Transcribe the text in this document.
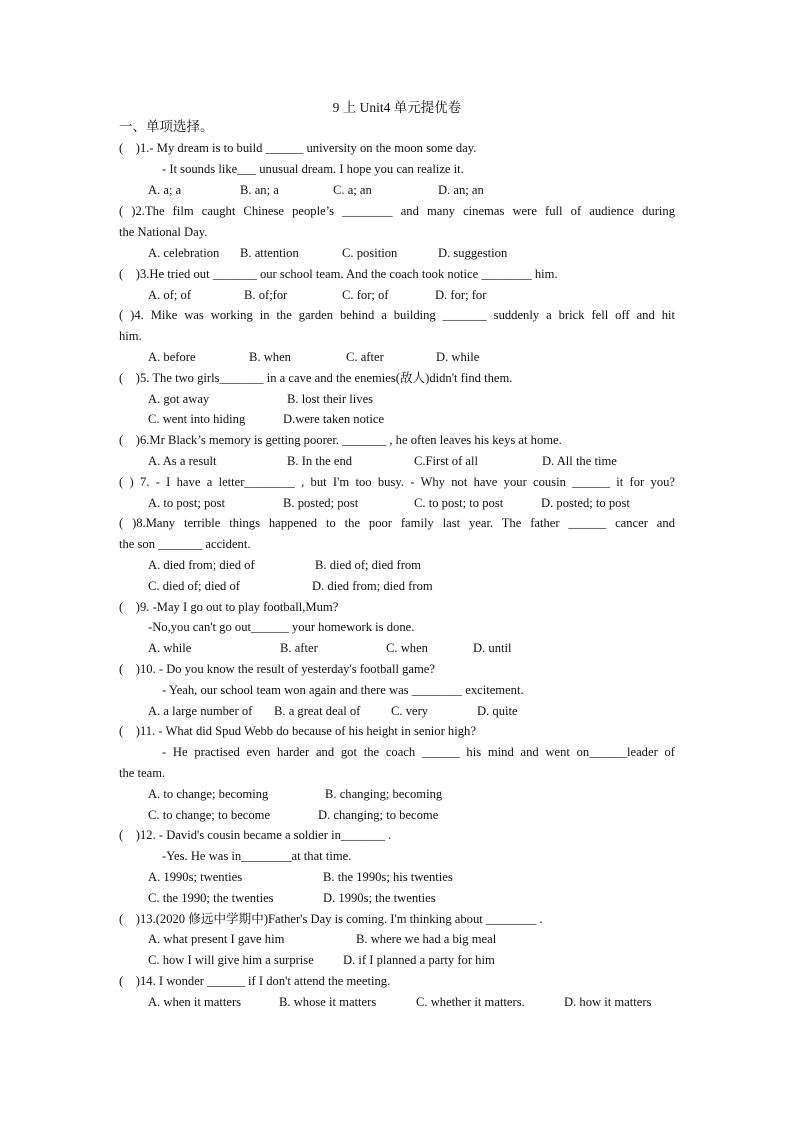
9 上 Unit4 单元提优卷
一、单项选择。
(    )1.- My dream is to build ______ university on the moon some day.
- It sounds like___ unusual dream. I hope you can realize it.
A. a; a	B. an; a	C. a; an	D. an; an
( )2.The film caught Chinese people’s ________ and many cinemas were full of audience during
the National Day.
A. celebration B. attention	C. position	D. suggestion
(    )3.He tried out _______ our school team. And the coach took notice ________ him.
A. of; of	B. of;for	C. for; of	D. for; for
( )4. Mike was working in the garden behind a building _______ suddenly a brick fell off and hit
him.
A. before	B. when	C. after	D. while
(    )5. The two girls_______ in a cave and the enemies(敌人)didn't find them.
A. got away	B. lost their lives
C. went into hiding	D.were taken notice
(    )6.Mr Black’s memory is getting poorer. _______ , he often leaves his keys at home.
A. As a result	B. In the end	C.First of all	D. All the time
( ) 7. - I have a letter________ , but I'm too busy. - Why not have your cousin ______ it for you?
A. to post; post	B. posted; post	C. to post; to post	D. posted; to post
( )8.Many terrible things happened to the poor family last year. The father ______ cancer and
the son _______ accident.
A. died from; died of	B. died of; died from
C. died of; died of	D. died from; died from
(    )9. -May I go out to play football,Mum?
-No,you can't go out______ your homework is done.
A. while	B. after	C. when	D. until
(    )10. - Do you know the result of yesterday's football game?
- Yeah, our school team won again and there was ________ excitement.
A. a large number of B. a great deal of C. very	D. quite
(    )11. - What did Spud Webb do because of his height in senior high?
- He practised even harder and got the coach ______ his mind and went on______leader of
the team.
A. to change; becoming	B. changing; becoming
C. to change; to become	D. changing; to become
(    )12. - David's cousin became a soldier in_______ .
-Yes. He was in________at that time.
A. 1990s; twenties	B. the 1990s; his twenties
C. the 1990; the twenties	D. 1990s; the twenties
(    )13.(2020 修远中学期中)Father's Day is coming. I'm thinking about ________ .
A. what present I gave him	B. where we had a big meal
C. how I will give him a surprise D. if I planned a party for him
(    )14. I wonder ______ if I don't attend the meeting.
A. when it matters	B. whose it matters	C. whether it matters.	D. how it matters
